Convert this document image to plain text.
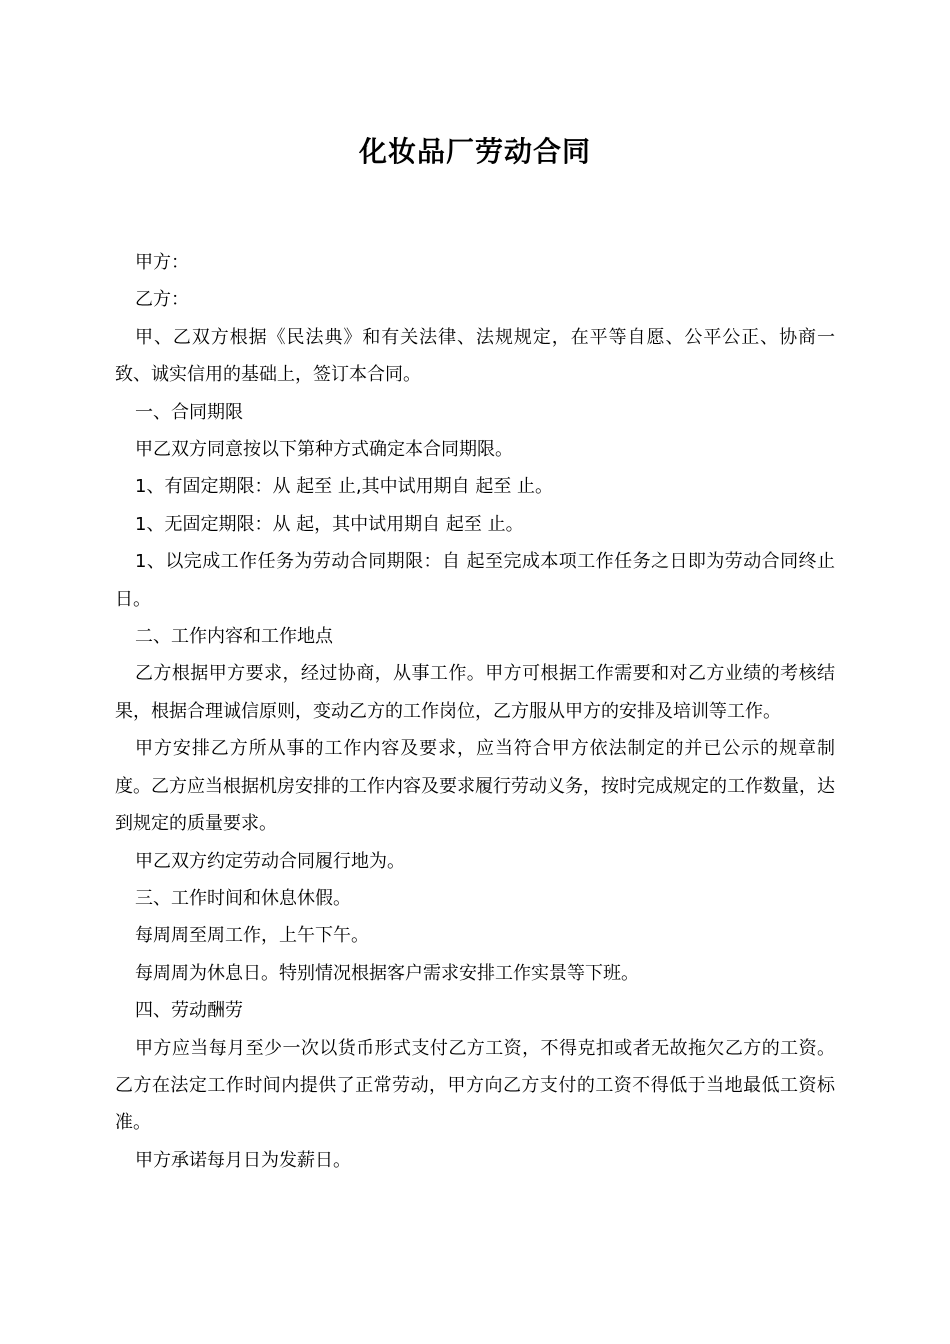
化妆品厂劳动合同

甲方：

乙方：

甲、乙双方根据《民法典》和有关法律、法规规定，在平等自愿、公平公正、协商一致、诚实信用的基础上，签订本合同。

一、合同期限

甲乙双方同意按以下第种方式确定本合同期限。

1、有固定期限：从 起至 止,其中试用期自 起至 止。

1、无固定期限：从 起，其中试用期自 起至 止。

1、以完成工作任务为劳动合同期限：自 起至完成本项工作任务之日即为劳动合同终止日。

二、工作内容和工作地点

乙方根据甲方要求，经过协商，从事工作。甲方可根据工作需要和对乙方业绩的考核结果，根据合理诚信原则，变动乙方的工作岗位，乙方服从甲方的安排及培训等工作。

甲方安排乙方所从事的工作内容及要求，应当符合甲方依法制定的并已公示的规章制度。乙方应当根据机房安排的工作内容及要求履行劳动义务，按时完成规定的工作数量，达到规定的质量要求。

甲乙双方约定劳动合同履行地为。

三、工作时间和休息休假。

每周周至周工作，上午下午。

每周周为休息日。特别情况根据客户需求安排工作实景等下班。

四、劳动酬劳

甲方应当每月至少一次以货币形式支付乙方工资，不得克扣或者无故拖欠乙方的工资。乙方在法定工作时间内提供了正常劳动，甲方向乙方支付的工资不得低于当地最低工资标准。

甲方承诺每月日为发薪日。
